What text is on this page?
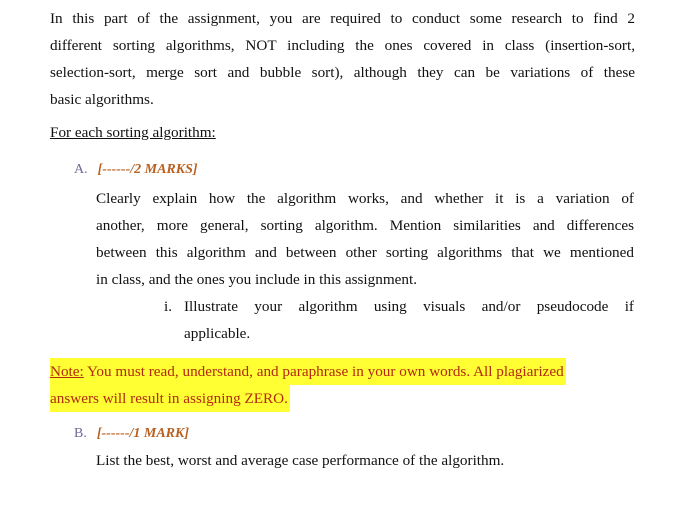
In this part of the assignment, you are required to conduct some research to find 2
different sorting algorithms, NOT including the ones covered in class (insertion-sort,
selection-sort, merge sort and bubble sort), although they can be variations of these
basic algorithms.
For each sorting algorithm:
A. [------/2 MARKS]
Clearly explain how the algorithm works, and whether it is a variation of
another, more general, sorting algorithm. Mention similarities and differences
between this algorithm and between other sorting algorithms that we mentioned
in class, and the ones you include in this assignment.
i. Illustrate your algorithm using visuals and/or pseudocode if
applicable.
Note: You must read, understand, and paraphrase in your own words. All plagiarized
answers will result in assigning ZERO.
B. [------/1 MARK]
List the best, worst and average case performance of the algorithm.
